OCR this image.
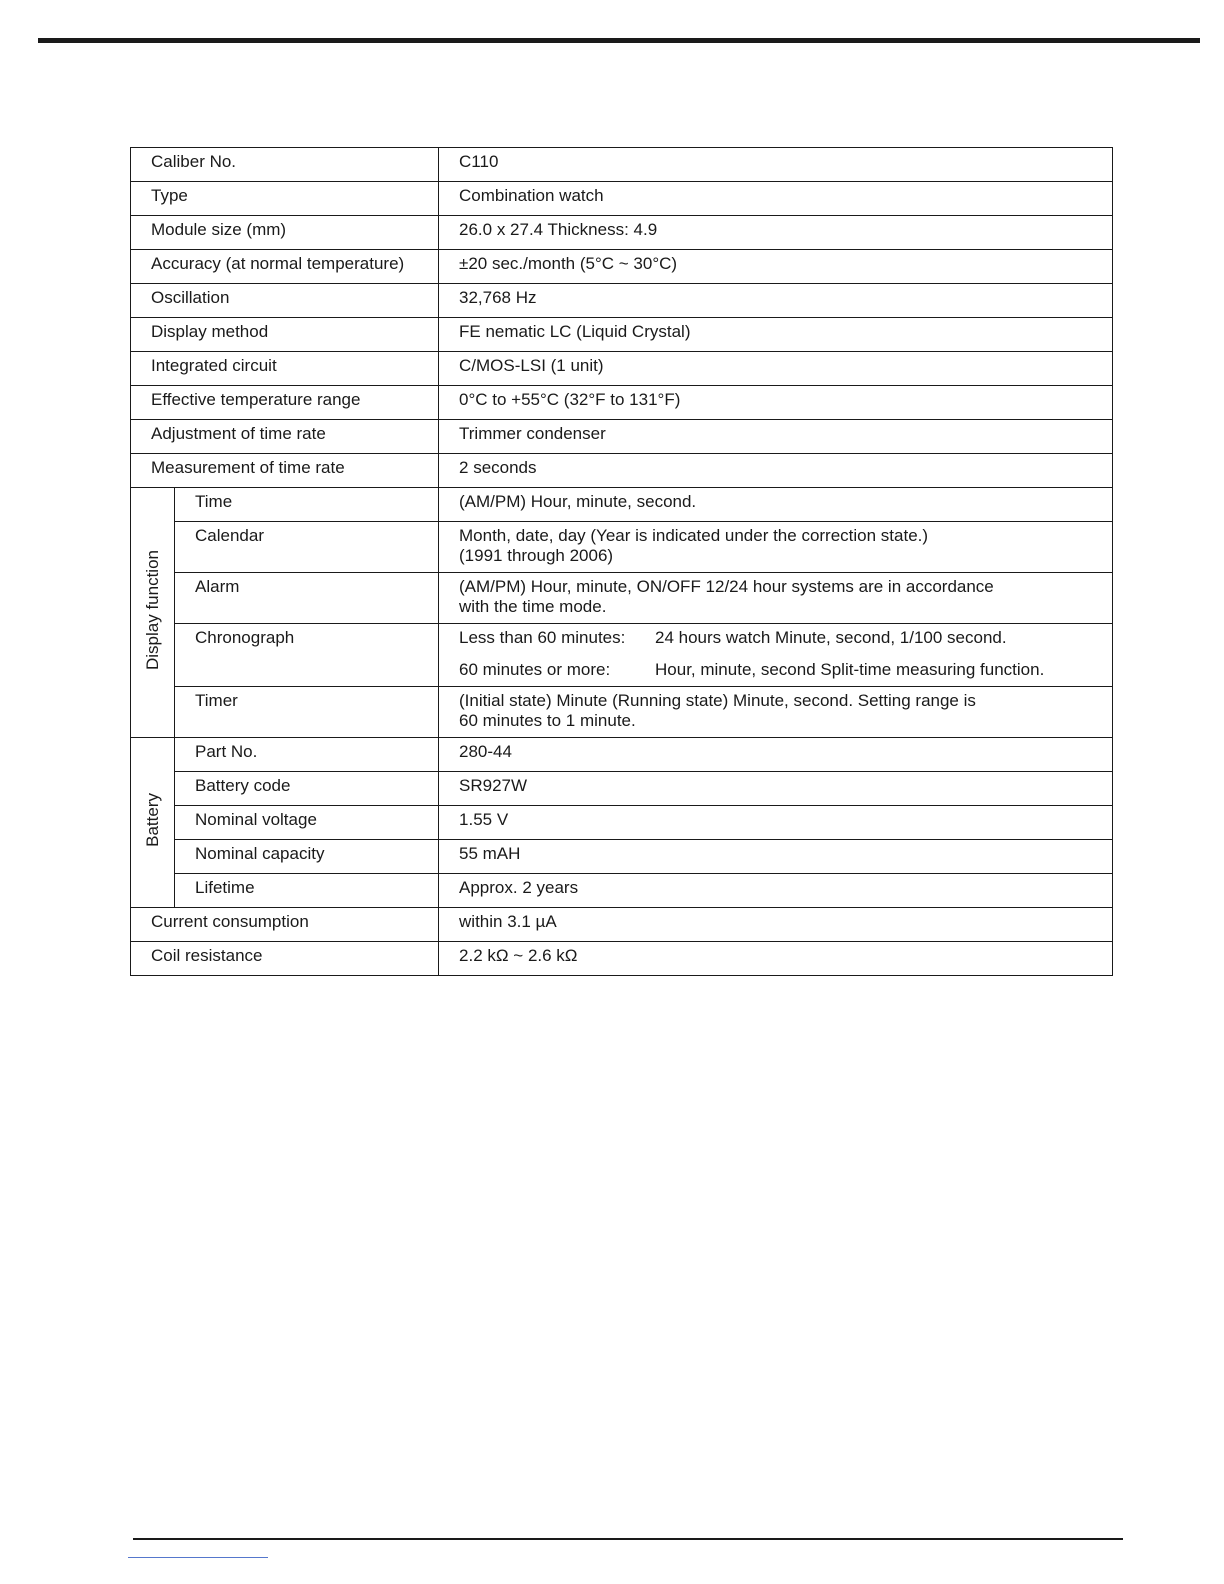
Caliber No.		C110
Type		Combination watch
Module size (mm)		26.0 x 27.4 Thickness: 4.9
Accuracy (at normal temperature)		±20 sec./month (5°C ~ 30°C)
Oscillation		32,768 Hz
Display method		FE nematic LC (Liquid Crystal)
Integrated circuit		C/MOS-LSI (1 unit)
Effective temperature range		0°C to +55°C (32°F to 131°F)
Adjustment of time rate		Trimmer condenser
Measurement of time rate		2 seconds
Display function	Time	(AM/PM) Hour, minute, second.
	Calendar	Month, date, day (Year is indicated under the correction state.)
(1991 through 2006)

	Alarm	(AM/PM) Hour, minute, ON/OFF 12/24 hour systems are in accordance
with the time mode.

	Chronograph	Less than 60 minutes: 24 hours watch Minute, second, 1/100 second.
60 minutes or more: Hour, minute, second Split-time measuring function.

	Timer	(Initial state) Minute (Running state) Minute, second. Setting range is
60 minutes to 1 minute.

Battery	Part No.	280-44
	Battery code	SR927W
	Nominal voltage	1.55 V
	Nominal capacity	55 mAH
	Lifetime	Approx. 2 years
Current consumption		within 3.1 µA
Coil resistance		2.2 kΩ ~ 2.6 kΩ
